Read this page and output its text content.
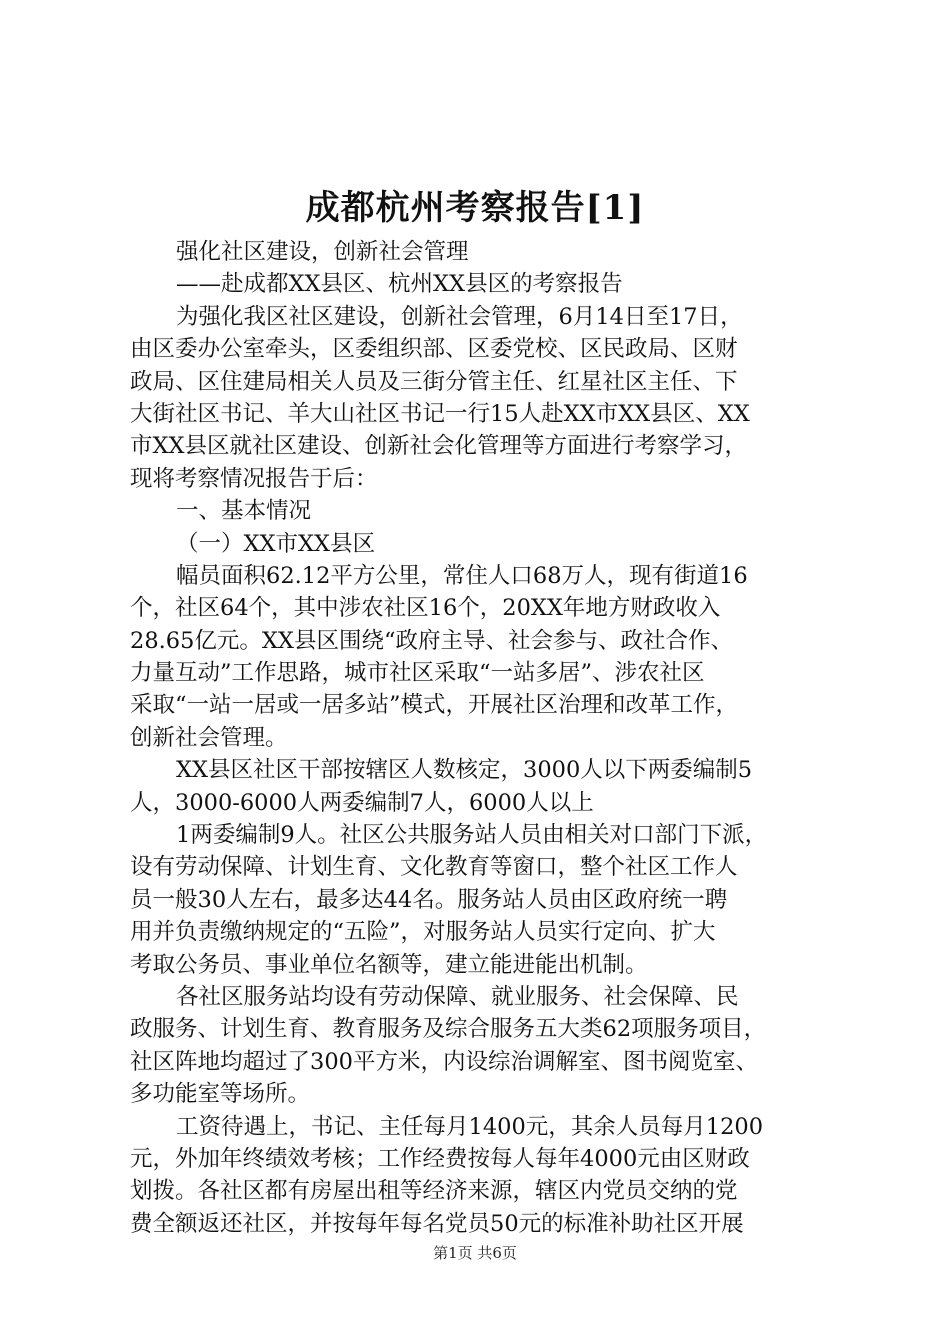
成都杭州考察报告[1]

强化社区建设，创新社会管理

——赴成都XX县区、杭州XX县区的考察报告

为强化我区社区建设，创新社会管理，6月14日至17日，

由区委办公室牵头，区委组织部、区委党校、区民政局、区财

政局、区住建局相关人员及三街分管主任、红星社区主任、下

大街社区书记、羊大山社区书记一行15人赴XX市XX县区、XX

市XX县区就社区建设、创新社会化管理等方面进行考察学习，

现将考察情况报告于后：

一、基本情况

（一）XX市XX县区

幅员面积62.12平方公里，常住人口68万人，现有街道16

个，社区64个，其中涉农社区16个，20XX年地方财政收入

28.65亿元。XX县区围绕“政府主导、社会参与、政社合作、

力量互动”工作思路，城市社区采取“一站多居”、涉农社区

采取“一站一居或一居多站”模式，开展社区治理和改革工作，

创新社会管理。

XX县区社区干部按辖区人数核定，3000人以下两委编制5

人，3000-6000人两委编制7人，6000人以上

1两委编制9人。社区公共服务站人员由相关对口部门下派，

设有劳动保障、计划生育、文化教育等窗口，整个社区工作人

员一般30人左右，最多达44名。服务站人员由区政府统一聘

用并负责缴纳规定的“五险”，对服务站人员实行定向、扩大

考取公务员、事业单位名额等，建立能进能出机制。

各社区服务站均设有劳动保障、就业服务、社会保障、民

政服务、计划生育、教育服务及综合服务五大类62项服务项目，

社区阵地均超过了300平方米，内设综治调解室、图书阅览室、

多功能室等场所。

工资待遇上，书记、主任每月1400元，其余人员每月1200

元，外加年终绩效考核；工作经费按每人每年4000元由区财政

划拨。各社区都有房屋出租等经济来源，辖区内党员交纳的党

费全额返还社区，并按每年每名党员50元的标准补助社区开展

第1页 共6页
